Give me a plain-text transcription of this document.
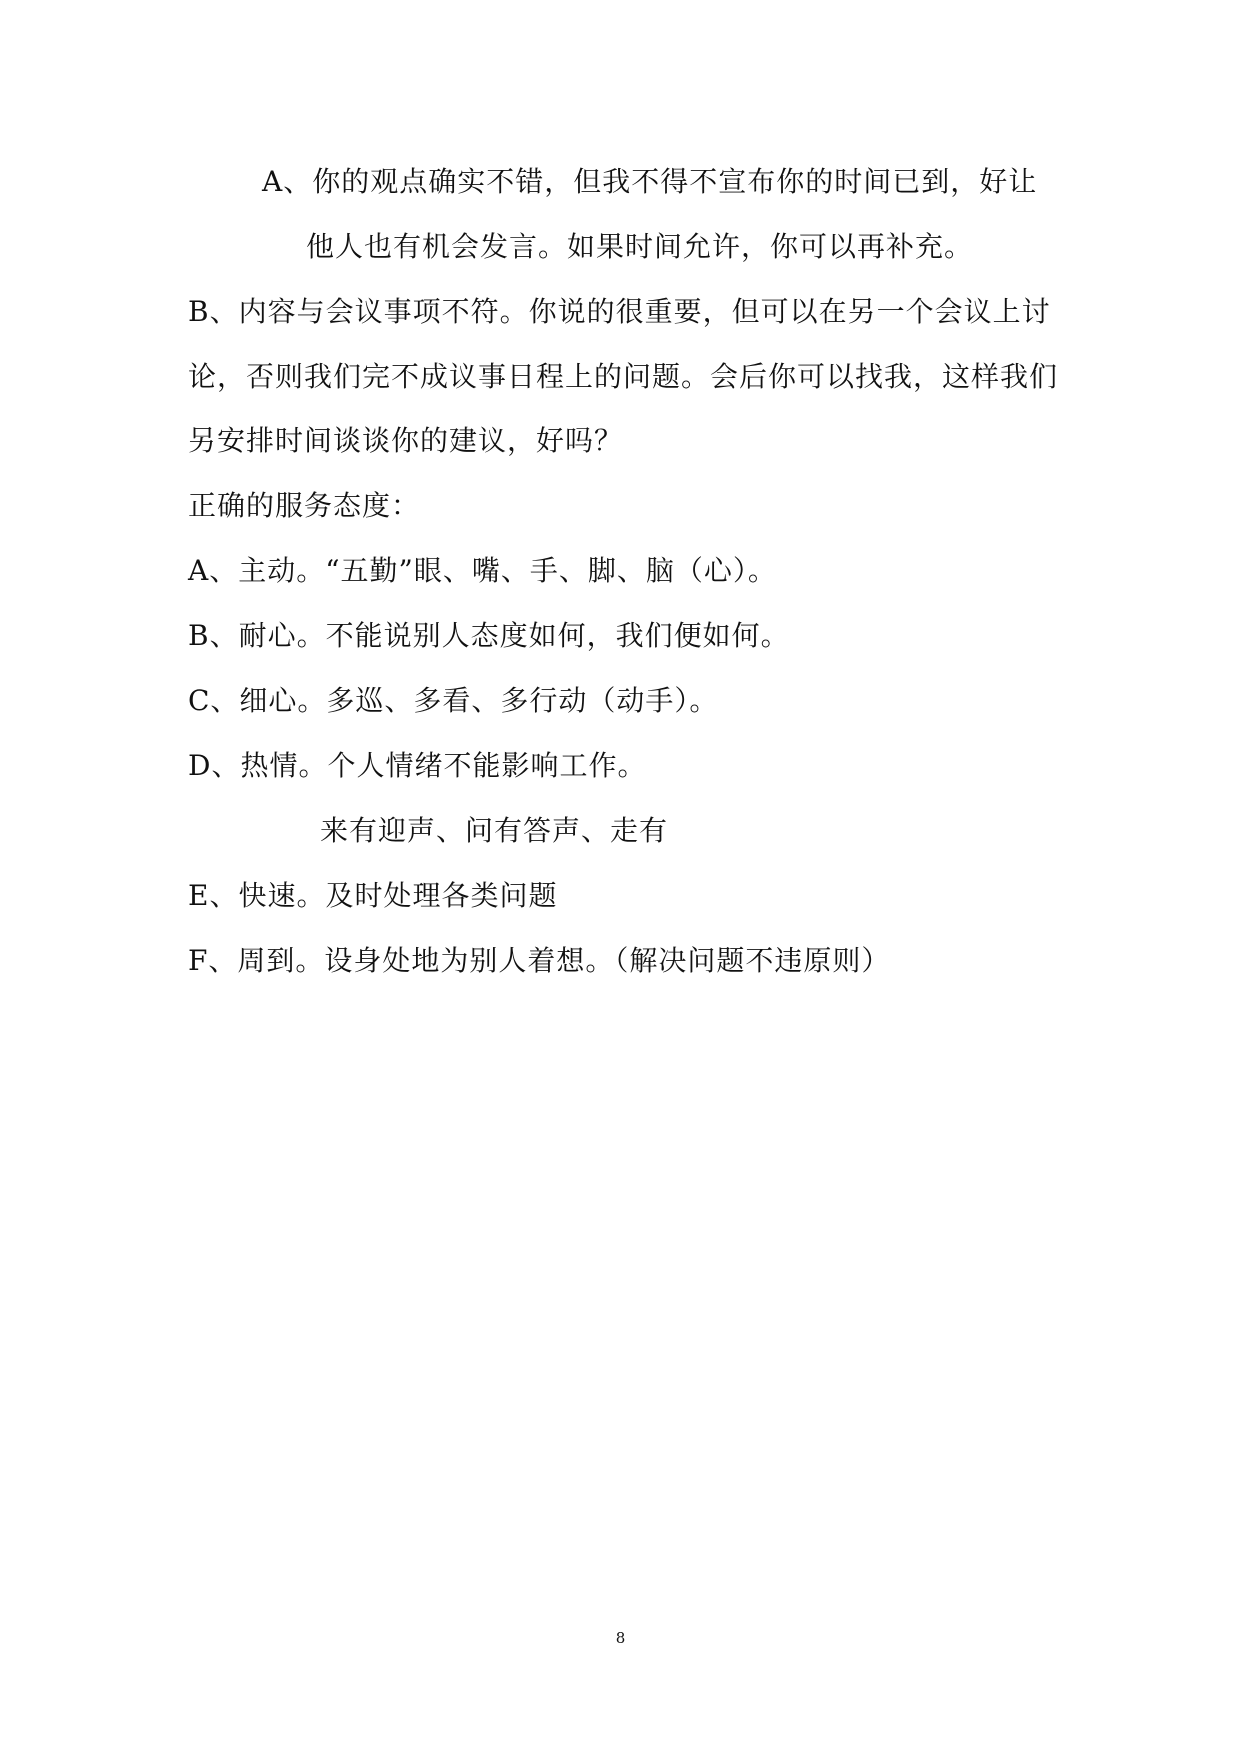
A、你的观点确实不错，但我不得不宣布你的时间已到，好让
他人也有机会发言。如果时间允许，你可以再补充。
B、内容与会议事项不符。你说的很重要，但可以在另一个会议上讨
论，否则我们完不成议事日程上的问题。会后你可以找我，这样我们
另安排时间谈谈你的建议，好吗？
正确的服务态度：
A、主动。“五勤”眼、嘴、手、脚、脑（心）。
B、耐心。不能说别人态度如何，我们便如何。
C、细心。多巡、多看、多行动（动手）。
D、热情。个人情绪不能影响工作。
来有迎声、问有答声、走有
E、快速。及时处理各类问题
F、周到。设身处地为别人着想。（解决问题不违原则）
8
